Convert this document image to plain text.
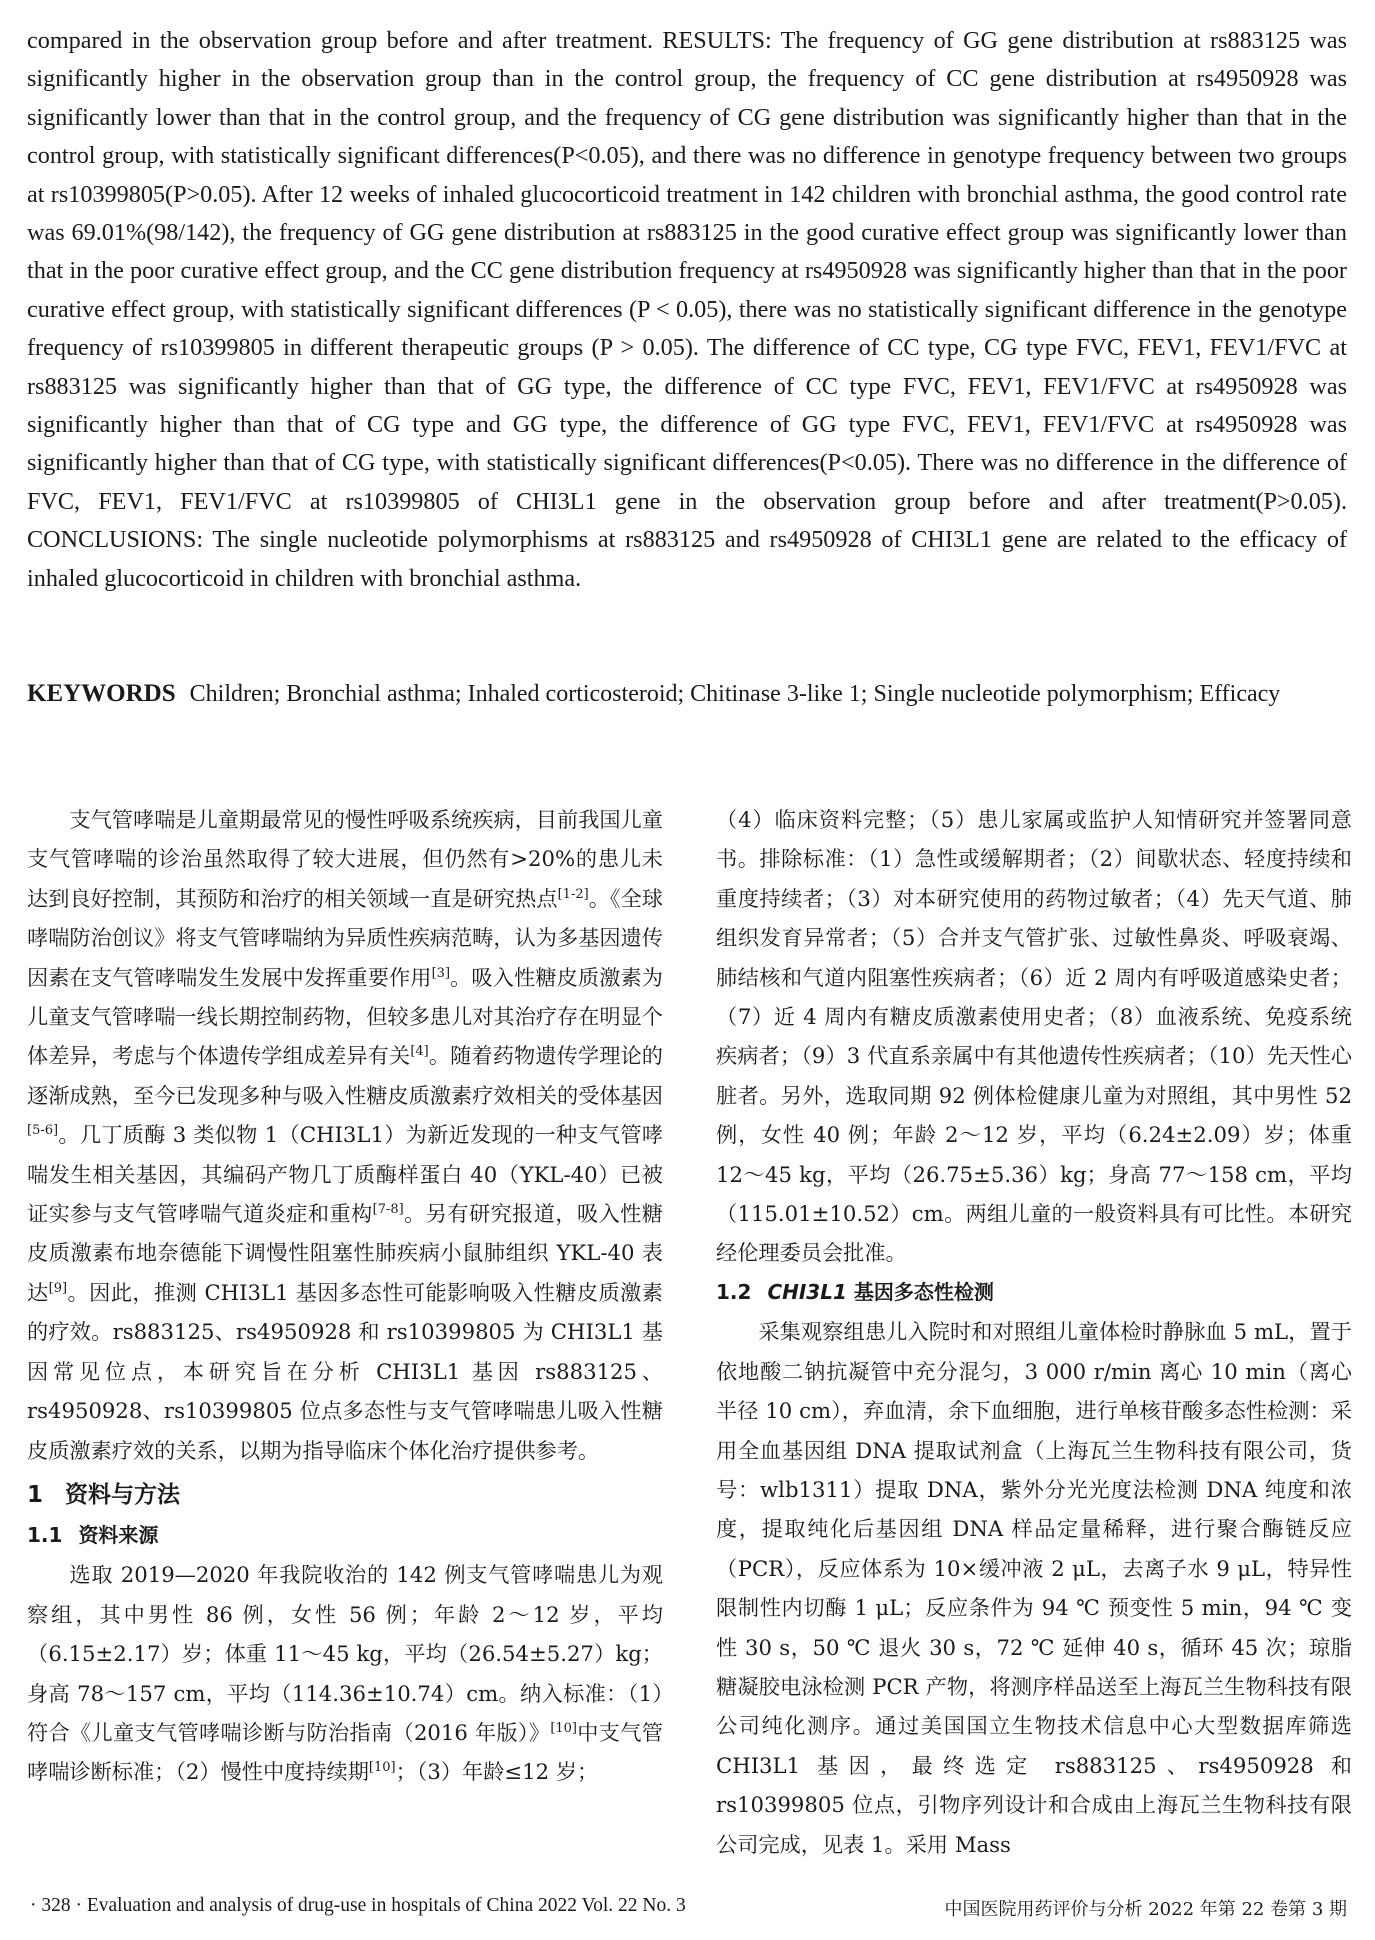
compared in the observation group before and after treatment. RESULTS: The frequency of GG gene distribution at rs883125 was significantly higher in the observation group than in the control group, the frequency of CC gene distribution at rs4950928 was significantly lower than that in the control group, and the frequency of CG gene distribution was significantly higher than that in the control group, with statistically significant differences(P<0.05), and there was no difference in genotype frequency between two groups at rs10399805(P>0.05). After 12 weeks of inhaled glucocorticoid treatment in 142 children with bronchial asthma, the good control rate was 69.01%(98/142), the frequency of GG gene distribution at rs883125 in the good curative effect group was significantly lower than that in the poor curative effect group, and the CC gene distribution frequency at rs4950928 was significantly higher than that in the poor curative effect group, with statistically significant differences (P < 0.05), there was no statistically significant difference in the genotype frequency of rs10399805 in different therapeutic groups (P > 0.05). The difference of CC type, CG type FVC, FEV1, FEV1/FVC at rs883125 was significantly higher than that of GG type, the difference of CC type FVC, FEV1, FEV1/FVC at rs4950928 was significantly higher than that of CG type and GG type, the difference of GG type FVC, FEV1, FEV1/FVC at rs4950928 was significantly higher than that of CG type, with statistically significant differences(P<0.05). There was no difference in the difference of FVC, FEV1, FEV1/FVC at rs10399805 of CHI3L1 gene in the observation group before and after treatment(P>0.05). CONCLUSIONS: The single nucleotide polymorphisms at rs883125 and rs4950928 of CHI3L1 gene are related to the efficacy of inhaled glucocorticoid in children with bronchial asthma.

KEYWORDS Children; Bronchial asthma; Inhaled corticosteroid; Chitinase 3-like 1; Single nucleotide polymorphism; Efficacy

支气管哮喘是儿童期最常见的慢性呼吸系统疾病，目前我国儿童支气管哮喘的诊治虽然取得了较大进展，但仍然有>20%的患儿未达到良好控制，其预防和治疗的相关领域一直是研究热点[1-2]。《全球哮喘防治创议》将支气管哮喘纳为异质性疾病范畴，认为多基因遗传因素在支气管哮喘发生发展中发挥重要作用[3]。吸入性糖皮质激素为儿童支气管哮喘一线长期控制药物，但较多患儿对其治疗存在明显个体差异，考虑与个体遗传学组成差异有关[4]。随着药物遗传学理论的逐渐成熟，至今已发现多种与吸入性糖皮质激素疗效相关的受体基因[5-6]。几丁质酶 3 类似物 1（CHI3L1）为新近发现的一种支气管哮喘发生相关基因，其编码产物几丁质酶样蛋白 40（YKL-40）已被证实参与支气管哮喘气道炎症和重构[7-8]。另有研究报道，吸入性糖皮质激素布地奈德能下调慢性阻塞性肺疾病小鼠肺组织 YKL-40 表达[9]。因此，推测 CHI3L1 基因多态性可能影响吸入性糖皮质激素的疗效。rs883125、rs4950928 和 rs10399805 为 CHI3L1 基因常见位点，本研究旨在分析 CHI3L1 基因 rs883125、rs4950928、rs10399805 位点多态性与支气管哮喘患儿吸入性糖皮质激素疗效的关系，以期为指导临床个体化治疗提供参考。

1 资料与方法
1.1 资料来源

选取 2019—2020 年我院收治的 142 例支气管哮喘患儿为观察组，其中男性 86 例，女性 56 例；年龄 2～12 岁，平均（6.15±2.17）岁；体重 11～45 kg，平均（26.54±5.27）kg；身高 78～157 cm，平均（114.36±10.74）cm。纳入标准：（1）符合《儿童支气管哮喘诊断与防治指南（2016 年版）》[10]中支气管哮喘诊断标准；（2）慢性中度持续期[10]；（3）年龄≤12 岁；

（4）临床资料完整；（5）患儿家属或监护人知情研究并签署同意书。排除标准：（1）急性或缓解期者；（2）间歇状态、轻度持续和重度持续者；（3）对本研究使用的药物过敏者；（4）先天气道、肺组织发育异常者；（5）合并支气管扩张、过敏性鼻炎、呼吸衰竭、肺结核和气道内阻塞性疾病者；（6）近 2 周内有呼吸道感染史者；（7）近 4 周内有糖皮质激素使用史者；（8）血液系统、免疫系统疾病者；（9）3 代直系亲属中有其他遗传性疾病者；（10）先天性心脏者。另外，选取同期 92 例体检健康儿童为对照组，其中男性 52 例，女性 40 例；年龄 2～12 岁，平均（6.24±2.09）岁；体重 12～45 kg，平均（26.75±5.36）kg；身高 77～158 cm，平均（115.01±10.52）cm。两组儿童的一般资料具有可比性。本研究经伦理委员会批准。

1.2 CHI3L1 基因多态性检测

采集观察组患儿入院时和对照组儿童体检时静脉血 5 mL，置于依地酸二钠抗凝管中充分混匀，3 000 r/min 离心 10 min（离心半径 10 cm），弃血清，余下血细胞，进行单核苷酸多态性检测：采用全血基因组 DNA 提取试剂盒（上海瓦兰生物科技有限公司，货号：wlb1311）提取 DNA，紫外分光光度法检测 DNA 纯度和浓度，提取纯化后基因组 DNA 样品定量稀释，进行聚合酶链反应（PCR），反应体系为 10×缓冲液 2 μL，去离子水 9 μL，特异性限制性内切酶 1 μL；反应条件为 94 ℃ 预变性 5 min，94 ℃ 变性 30 s，50 ℃ 退火 30 s，72 ℃ 延伸 40 s，循环 45 次；琼脂糖凝胶电泳检测 PCR 产物，将测序样品送至上海瓦兰生物科技有限公司纯化测序。通过美国国立生物技术信息中心大型数据库筛选 CHI3L1 基因，最终选定 rs883125、rs4950928 和 rs10399805 位点，引物序列设计和合成由上海瓦兰生物科技有限公司完成，见表 1。采用 Mass

· 328 · Evaluation and analysis of drug-use in hospitals of China 2022 Vol. 22 No. 3	中国医院用药评价与分析 2022 年第 22 卷第 3 期
